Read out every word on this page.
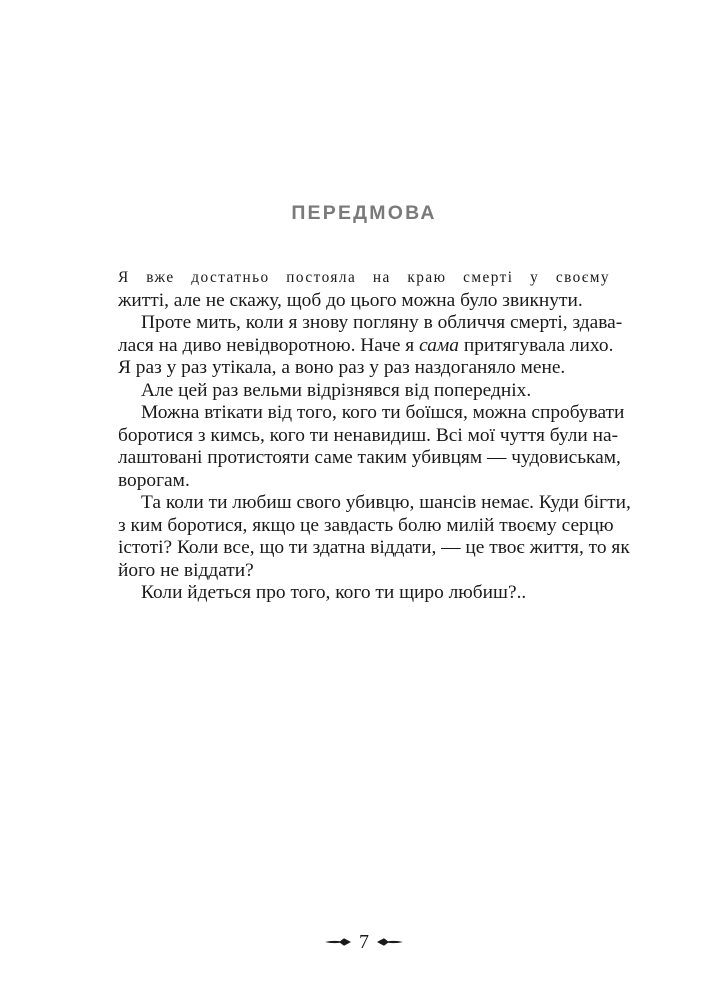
ПЕРЕДМОВА
Я вже достатньо постояла на краю смерті у своєму
житті, але не скажу, щоб до цього можна було звикнути.
Проте мить, коли я знову погляну в обличчя смерті, здава-
лася на диво невідворотною. Наче я сама притягувала лихо.
Я раз у раз утікала, а воно раз у раз наздоганяло мене.
Але цей раз вельми відрізнявся від попередніх.
Можна втікати від того, кого ти боїшся, можна спробувати
боротися з кимсь, кого ти ненавидиш. Всі мої чуття були на-
лаштовані протистояти саме таким убивцям — чудовиськам,
ворогам.
Та коли ти любиш свого убивцю, шансів немає. Куди бігти,
з ким боротися, якщо це завдасть болю милій твоєму серцю
істоті? Коли все, що ти здатна віддати, — це твоє життя, то як
його не віддати?
Коли йдеться про того, кого ти щиро любиш?..
7
